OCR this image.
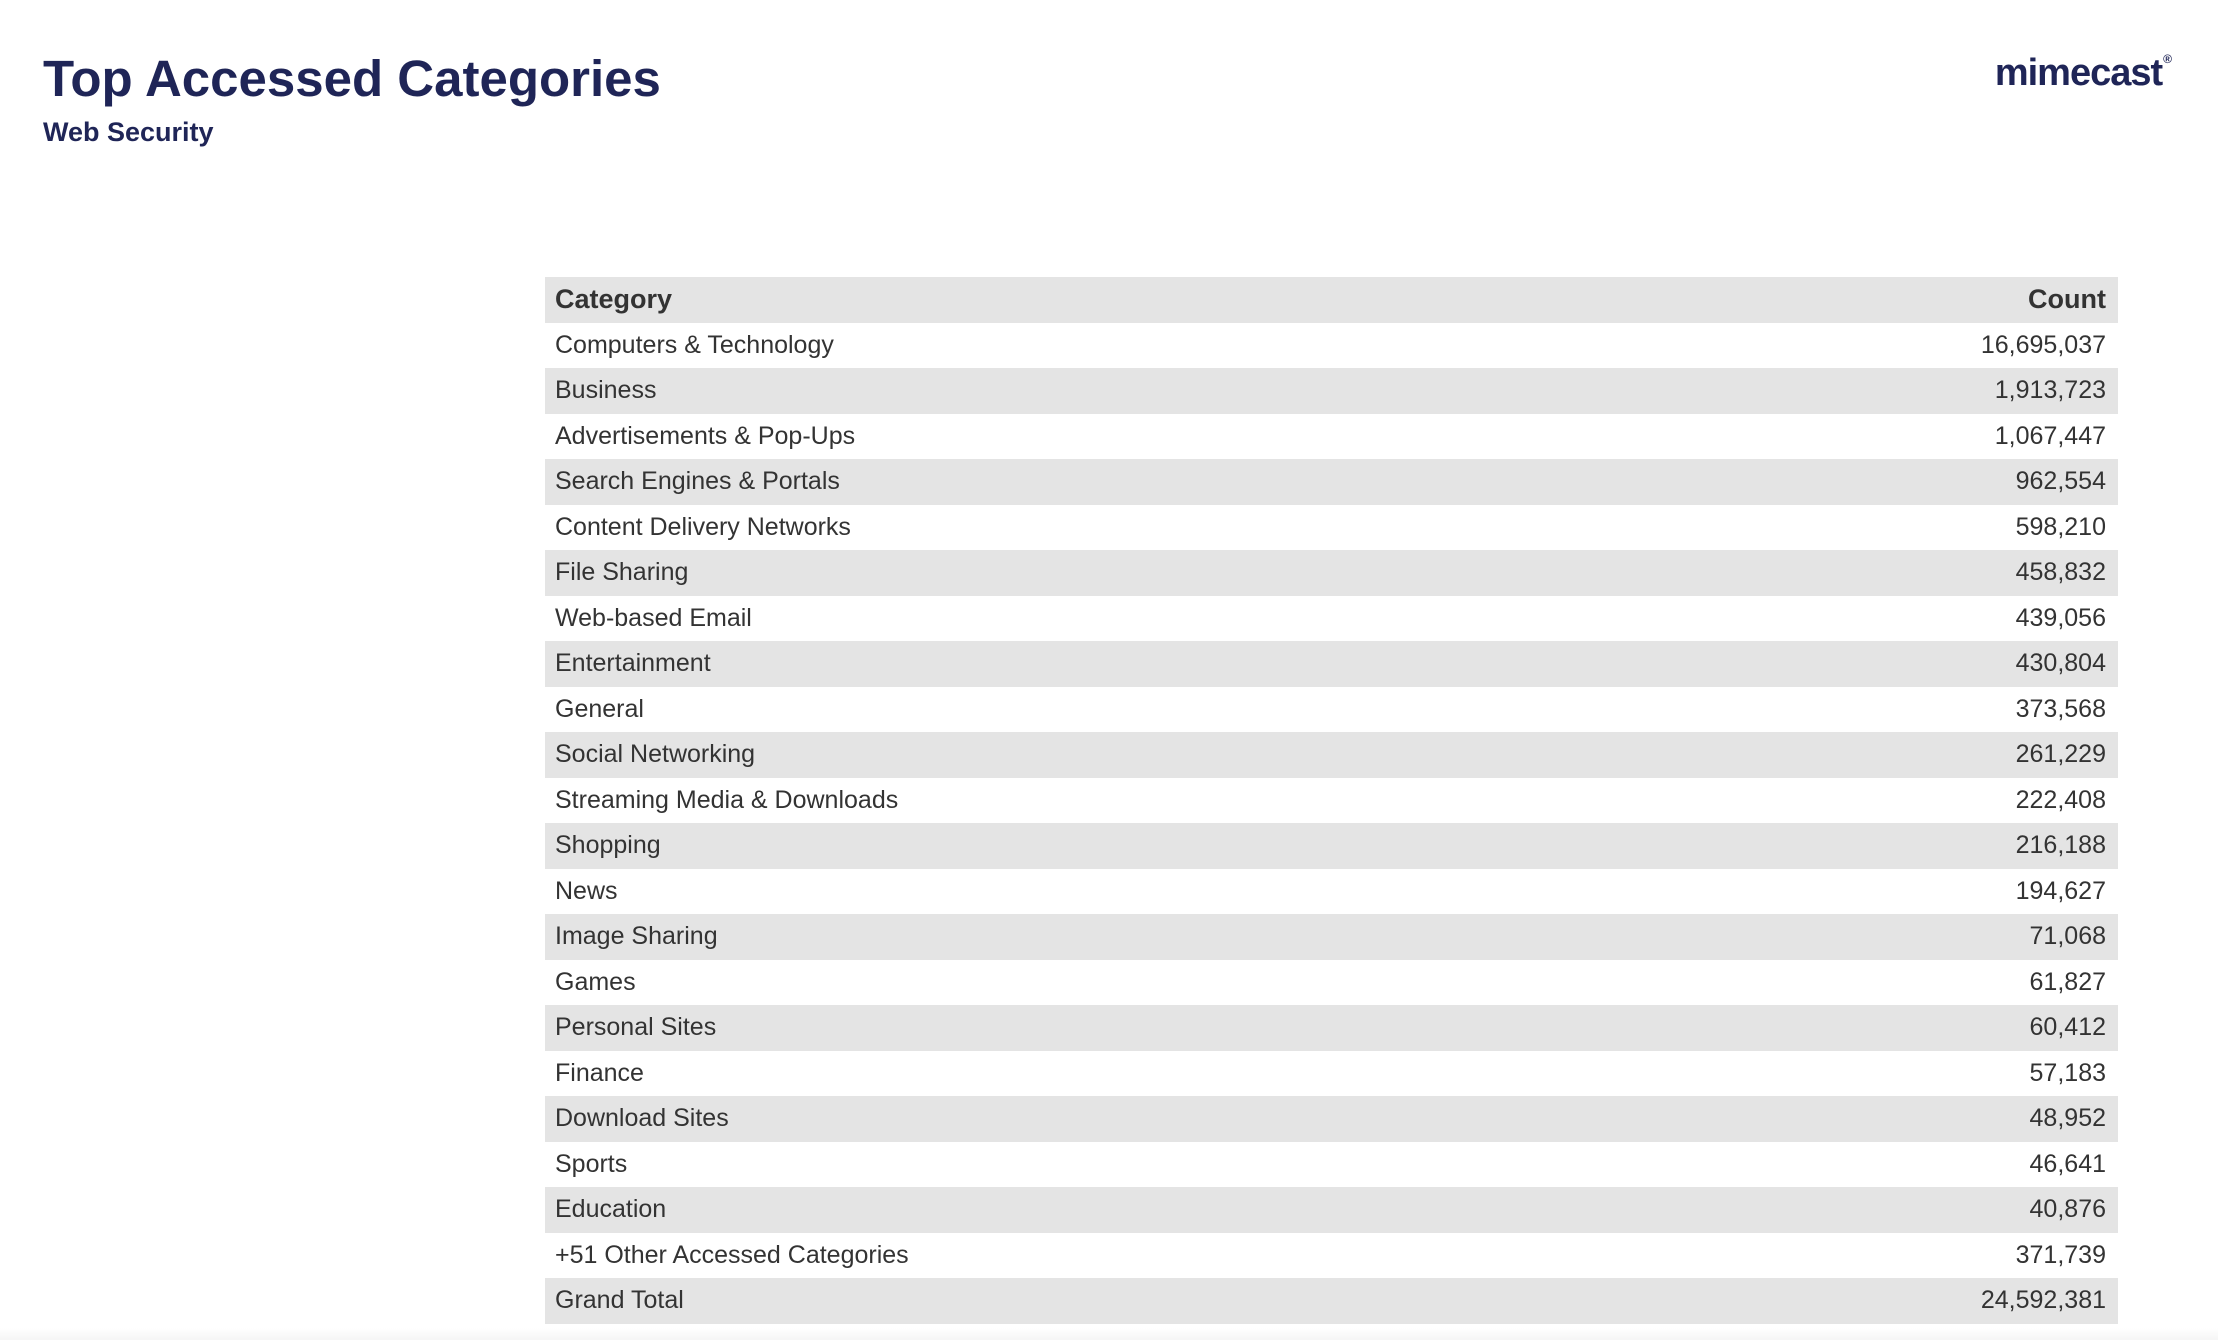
Top Accessed Categories
Web Security
mimecast®
Category	Count
Computers & Technology	16,695,037
Business	1,913,723
Advertisements & Pop-Ups	1,067,447
Search Engines & Portals	962,554
Content Delivery Networks	598,210
File Sharing	458,832
Web-based Email	439,056
Entertainment	430,804
General	373,568
Social Networking	261,229
Streaming Media & Downloads	222,408
Shopping	216,188
News	194,627
Image Sharing	71,068
Games	61,827
Personal Sites	60,412
Finance	57,183
Download Sites	48,952
Sports	46,641
Education	40,876
+51 Other Accessed Categories	371,739
Grand Total	24,592,381
